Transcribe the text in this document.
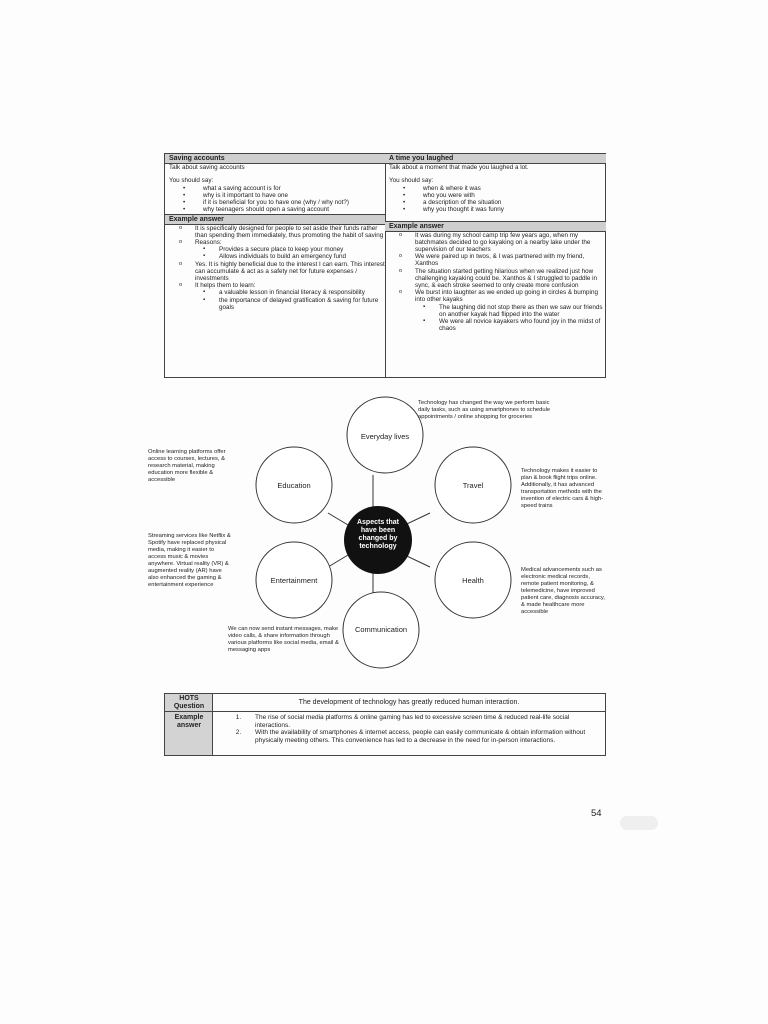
Saving accounts

Talk about saving accounts

You should say:

• what a saving account is for
• why is it important to have one
• if it is beneficial for you to have one (why / why not?)
• why teenagers should open a saving account
Example answer
o It is specifically designed for people to set aside their funds rather than spending them immediately, thus promoting the habit of saving
o Reasons:
▪ Provides a secure place to keep your money
▪ Allows individuals to build an emergency fund
o Yes. It is highly beneficial due to the interest I can earn. This interest can accumulate & act as a safety net for future expenses / investments
o It helps them to learn:
▪ a valuable lesson in financial literacy & responsibility
▪ the importance of delayed gratification & saving for future goals
A time you laughed

Talk about a moment that made you laughed a lot.

You should say:

• when & where it was
• who you were with
• a description of the situation
• why you thought it was funny
Example answer
o It was during my school camp trip few years ago, when my batchmates decided to go kayaking on a nearby lake under the supervision of our teachers
o We were paired up in twos, & I was partnered with my friend, Xanthos
o The situation started getting hilarious when we realized just how challenging kayaking could be. Xanthos & I struggled to paddle in sync, & each stroke seemed to only create more confusion
o We burst into laughter as we ended up going in circles & bumping into other kayaks
▪ The laughing did not stop there as then we saw our friends on another kayak had flipped into the water
▪ We were all novice kayakers who found joy in the midst of chaos
Aspects that have been changed by technology
Everyday lives
Education	Travel
Entertainment	Health
Communication
Technology has changed the way we perform basic daily tasks, such as using smartphones to schedule appointments / online shopping for groceries
Online learning platforms offer access to courses, lectures, & research material, making education more flexible & accessible
Technology makes it easier to plan & book flight trips online. Additionally, it has advanced transportation methods with the invention of electric cars & high-speed trains
Streaming services like Netflix & Spotify have replaced physical media, making it easier to access music & movies anywhere. Virtual reality (VR) & augmented reality (AR) have also enhanced the gaming & entertainment experience
Medical advancements such as electronic medical records, remote patient monitoring, & telemedicine, have improved patient care, diagnosis accuracy, & made healthcare more accessible
We can now send instant messages, make video calls, & share information through various platforms like social media, email & messaging apps
HOTS Question
Example answer
The development of technology has greatly reduced human interaction.
1. The rise of social media platforms & online gaming has led to excessive screen time & reduced real-life social interactions.
2. With the availability of smartphones & internet access, people can easily communicate & obtain information without physically meeting others. This convenience has led to a decrease in the need for in-person interactions.
54
